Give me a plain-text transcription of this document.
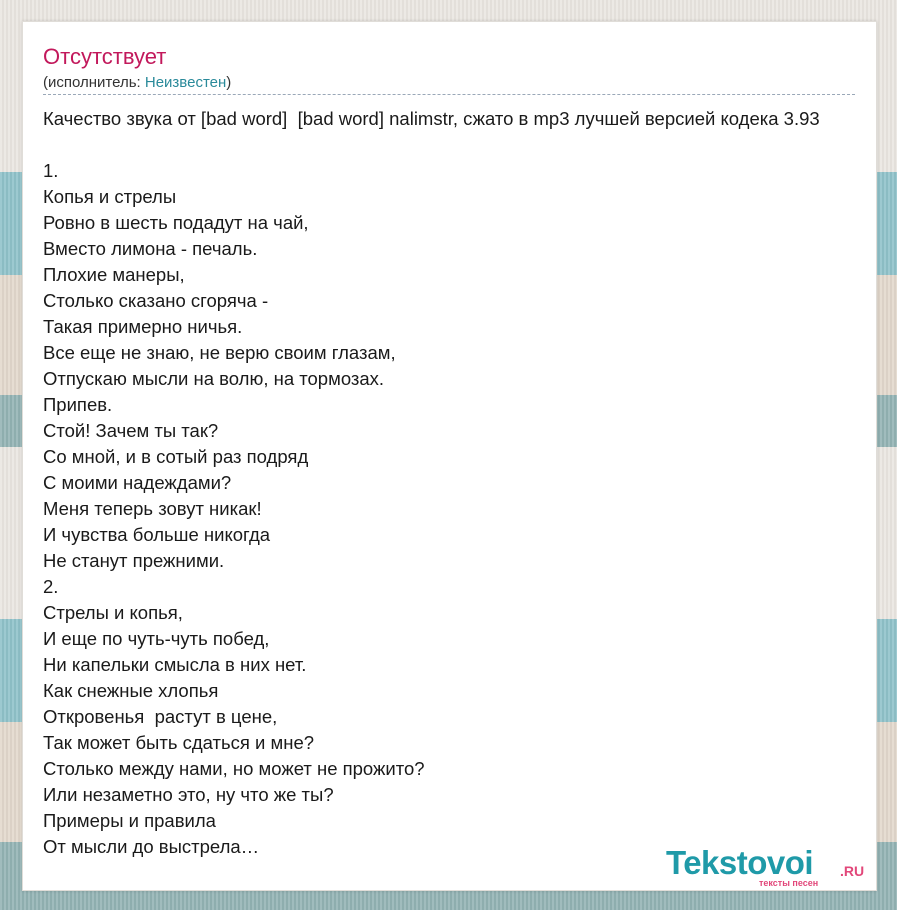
Отсутствует
(исполнитель: Неизвестен)
Качество звука от [bad word]  [bad word] nalimstr, сжато в mp3 лучшей версией кодека 3.93
1.
Копья и стрелы
Ровно в шесть подадут на чай,
Вместо лимона - печаль.
Плохие манеры,
Столько сказано сгоряча -
Такая примерно ничья.
Все еще не знаю, не верю своим глазам,
Отпускаю мысли на волю, на тормозах.
Припев.
Стой! Зачем ты так?
Со мной, и в сотый раз подряд
С моими надеждами?
Меня теперь зовут никак!
И чувства больше никогда
Не станут прежними.
2.
Стрелы и копья,
И еще по чуть-чуть побед,
Ни капельки смысла в них нет.
Как снежные хлопья
Откровенья  растут в цене,
Так может быть сдаться и мне?
Столько между нами, но может не прожито?
Или незаметно это, ну что же ты?
Примеры и правила
От мысли до выстрела…	Tekstovoi .RU
тексты песен
